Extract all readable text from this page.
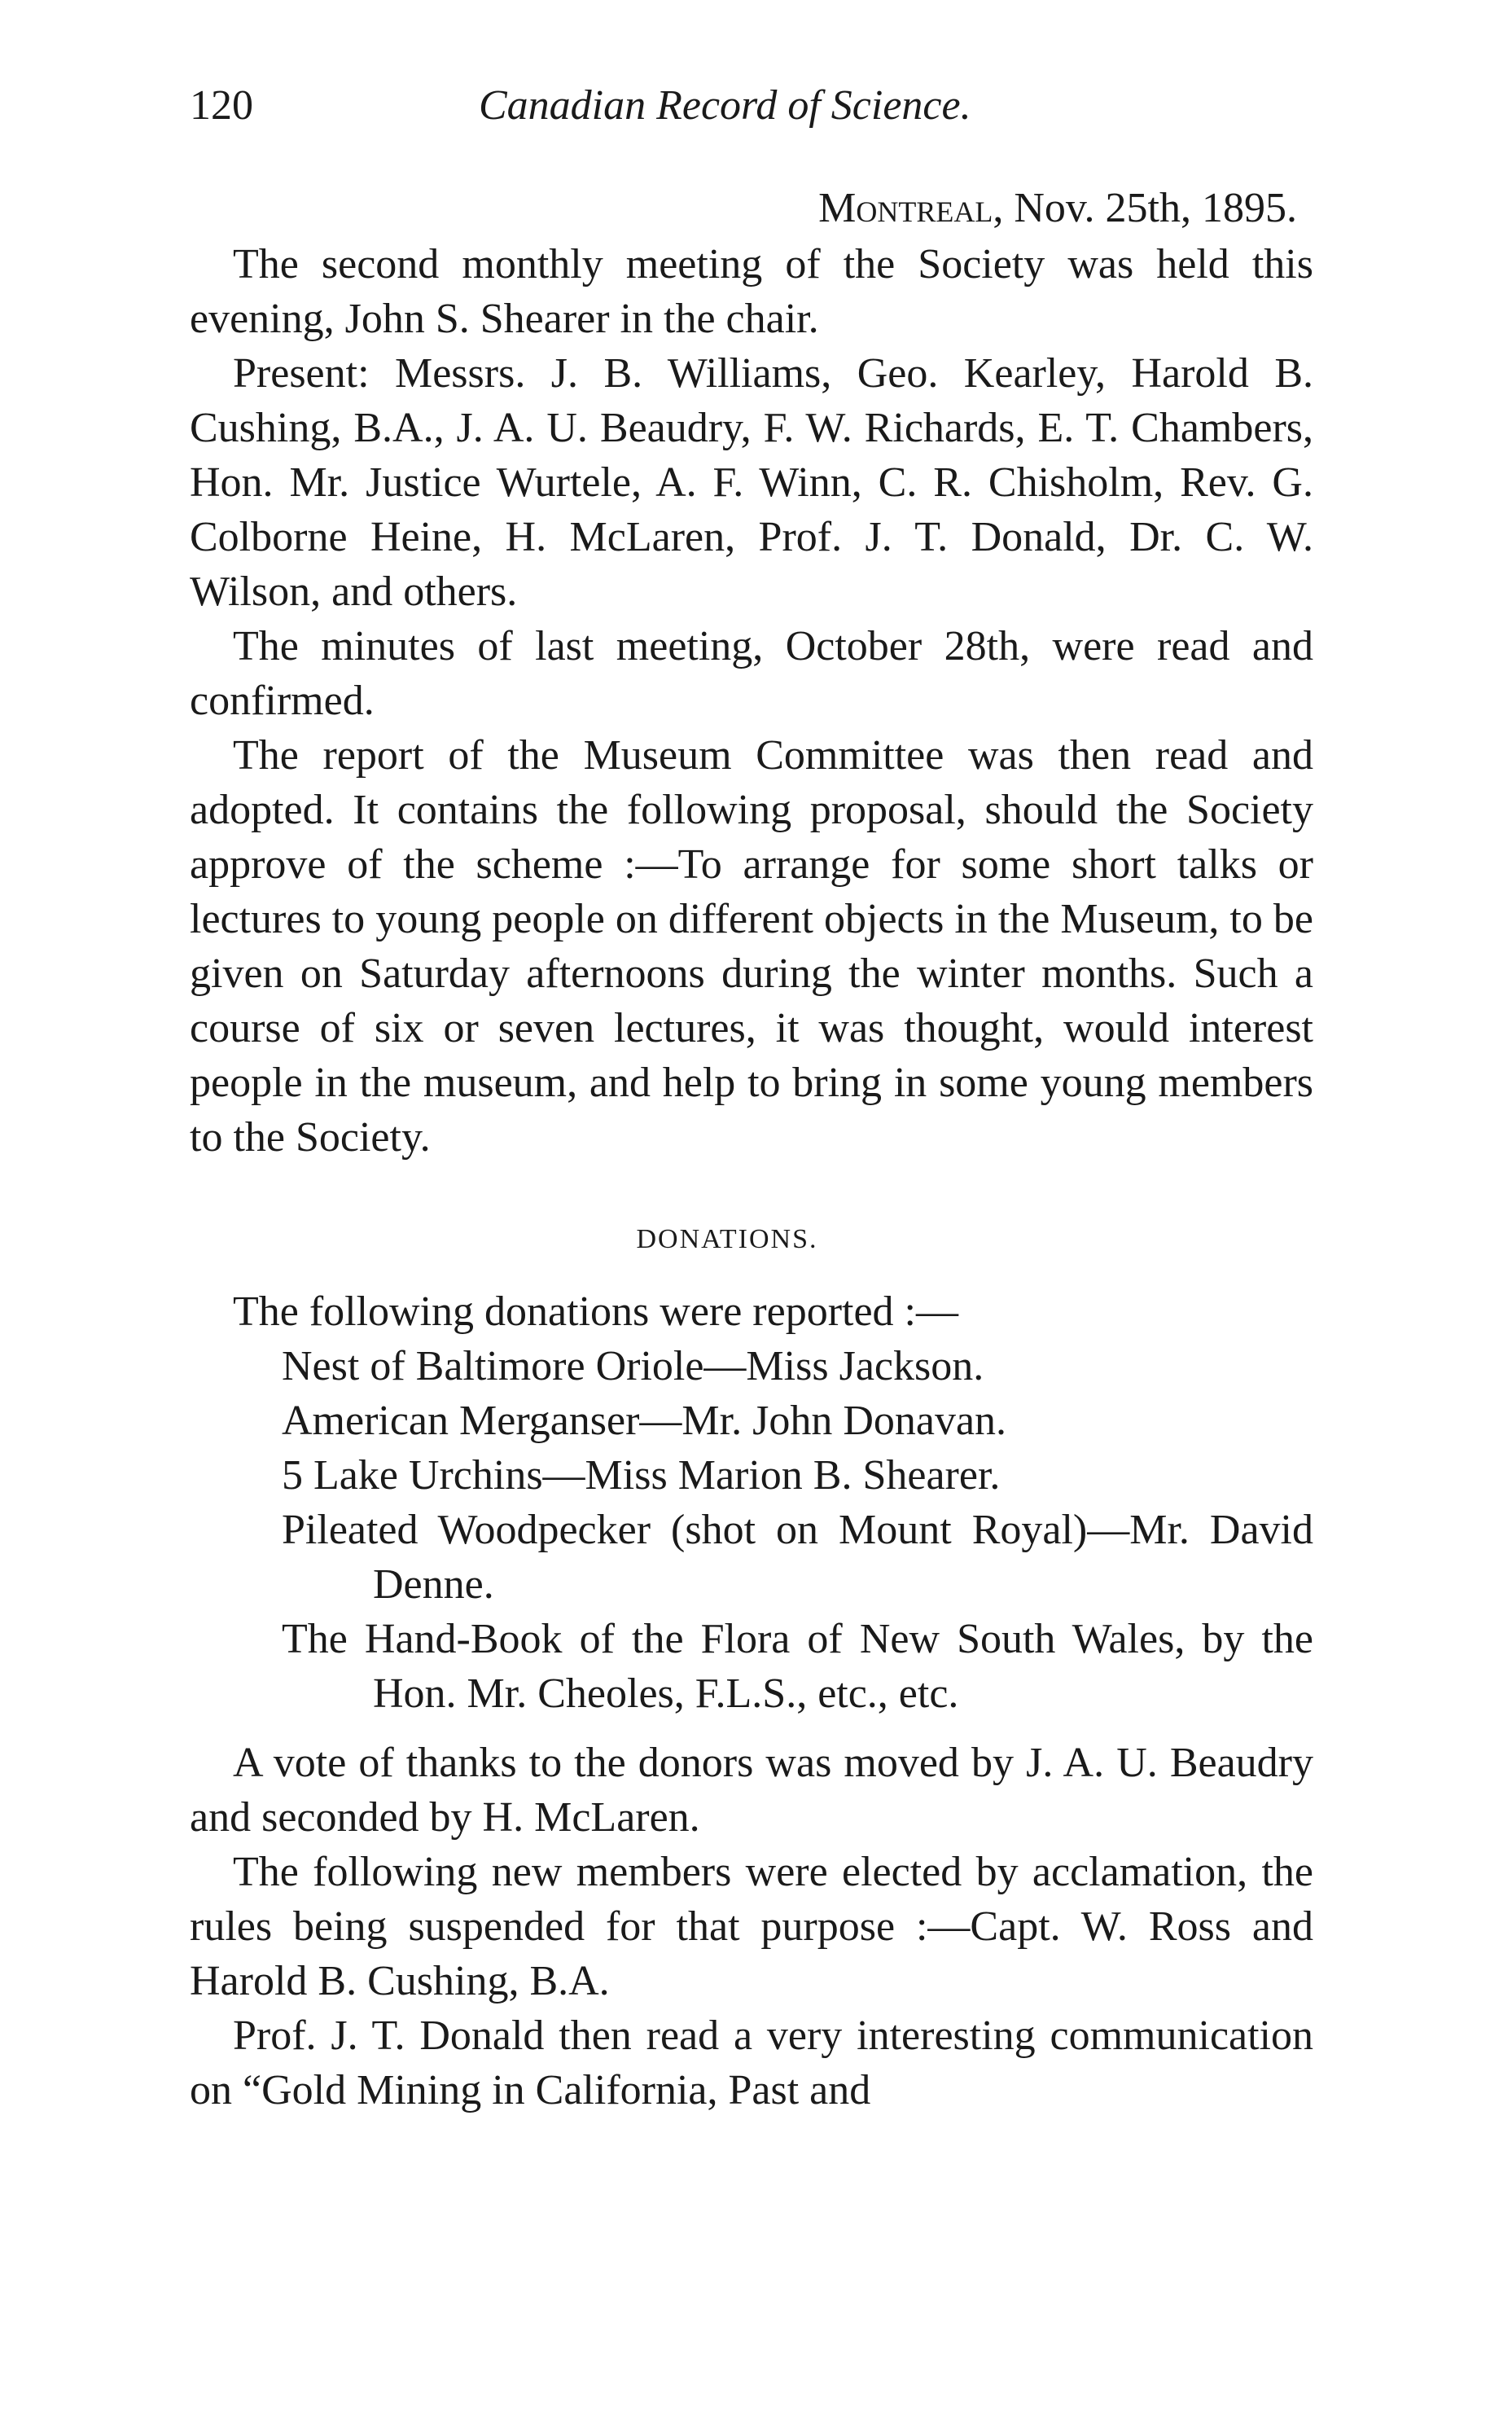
120	Canadian Record of Science.
Montreal, Nov. 25th, 1895.

The second monthly meeting of the Society was held this evening, John S. Shearer in the chair.

Present: Messrs. J. B. Williams, Geo. Kearley, Harold B. Cushing, B.A., J. A. U. Beaudry, F. W. Richards, E. T. Chambers, Hon. Mr. Justice Wurtele, A. F. Winn, C. R. Chisholm, Rev. G. Colborne Heine, H. McLaren, Prof. J. T. Donald, Dr. C. W. Wilson, and others.

The minutes of last meeting, October 28th, were read and confirmed.

The report of the Museum Committee was then read and adopted. It contains the following proposal, should the Society approve of the scheme :—To arrange for some short talks or lectures to young people on different objects in the Museum, to be given on Saturday afternoons during the winter months. Such a course of six or seven lectures, it was thought, would interest people in the museum, and help to bring in some young members to the Society.

DONATIONS.

The following donations were reported :—

Nest of Baltimore Oriole—Miss Jackson.
American Merganser—Mr. John Donavan.
5 Lake Urchins—Miss Marion B. Shearer.
Pileated Woodpecker (shot on Mount Royal)—Mr. David Denne.
The Hand-Book of the Flora of New South Wales, by the Hon. Mr. Cheoles, F.L.S., etc., etc.

A vote of thanks to the donors was moved by J. A. U. Beaudry and seconded by H. McLaren.

The following new members were elected by acclamation, the rules being suspended for that purpose :—Capt. W. Ross and Harold B. Cushing, B.A.

Prof. J. T. Donald then read a very interesting communication on “Gold Mining in California, Past and
